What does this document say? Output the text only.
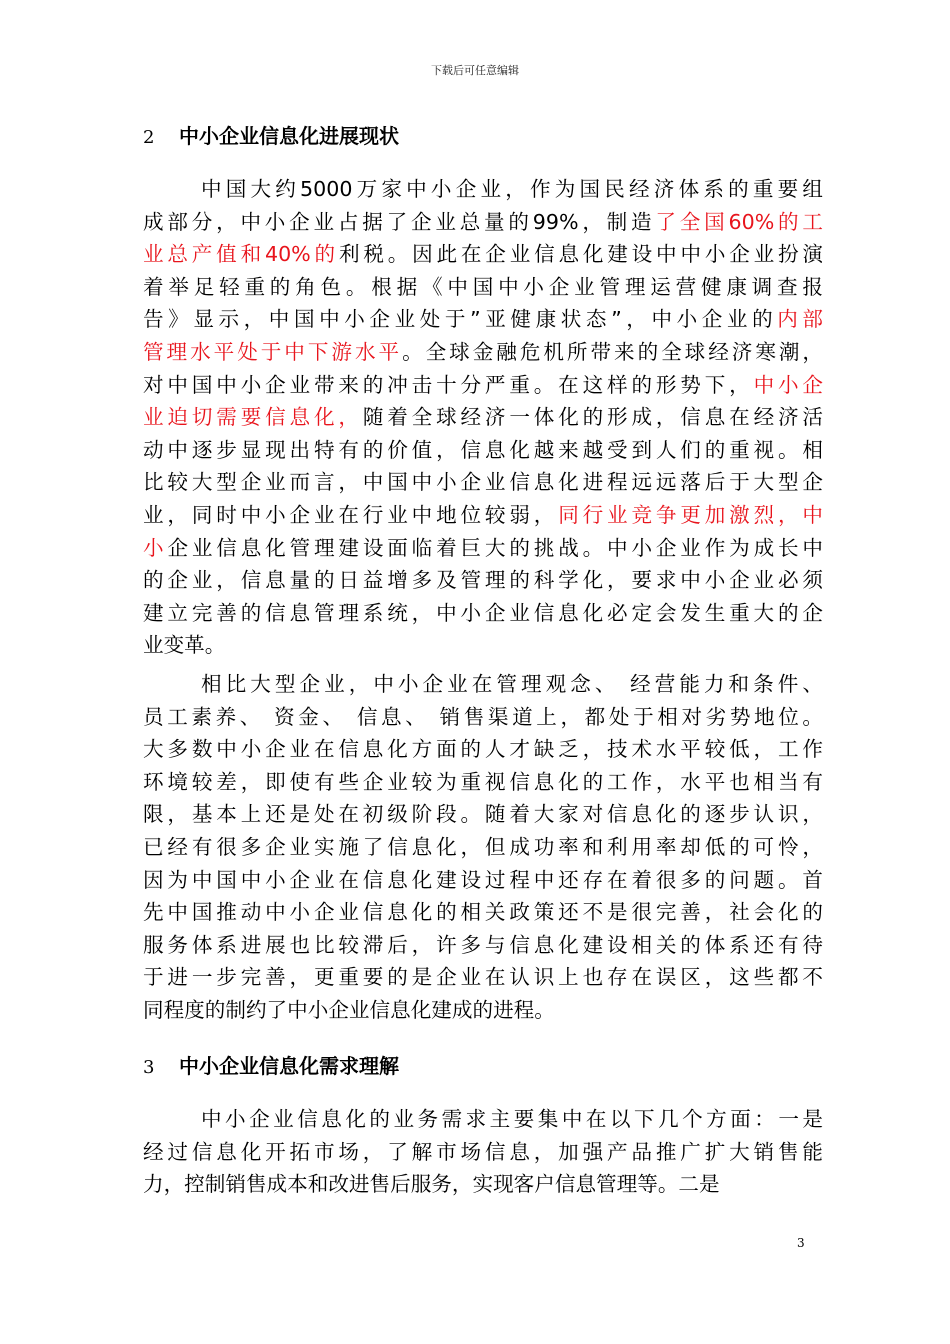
下载后可任意编辑
2 中小企业信息化进展现状
中国大约5000万家中小企业，作为国民经济体系的重要组
成部分，中小企业占据了企业总量的99%，制造了全国60%的工
业总产值和40%的利税。因此在企业信息化建设中中小企业扮演
着举足轻重的角色。根据《中国中小企业管理运营健康调查报
告》显示，中国中小企业处于”亚健康状态”，中小企业的内部
管理水平处于中下游水平。全球金融危机所带来的全球经济寒潮，
对中国中小企业带来的冲击十分严重。在这样的形势下，中小企
业迫切需要信息化，随着全球经济一体化的形成，信息在经济活
动中逐步显现出特有的价值，信息化越来越受到人们的重视。相
比较大型企业而言，中国中小企业信息化进程远远落后于大型企
业，同时中小企业在行业中地位较弱，同行业竞争更加激烈，中
小企业信息化管理建设面临着巨大的挑战。中小企业作为成长中
的企业，信息量的日益增多及管理的科学化，要求中小企业必须
建立完善的信息管理系统，中小企业信息化必定会发生重大的企
业变革。
相比大型企业，中小企业在管理观念、 经营能力和条件、
员工素养、 资金、 信息、 销售渠道上，都处于相对劣势地位。
大多数中小企业在信息化方面的人才缺乏，技术水平较低，工作
环境较差，即使有些企业较为重视信息化的工作，水平也相当有
限，基本上还是处在初级阶段。随着大家对信息化的逐步认识，
已经有很多企业实施了信息化，但成功率和利用率却低的可怜，
因为中国中小企业在信息化建设过程中还存在着很多的问题。首
先中国推动中小企业信息化的相关政策还不是很完善，社会化的
服务体系进展也比较滞后，许多与信息化建设相关的体系还有待
于进一步完善，更重要的是企业在认识上也存在误区，这些都不
同程度的制约了中小企业信息化建成的进程。
3 中小企业信息化需求理解
中小企业信息化的业务需求主要集中在以下几个方面：一是
经过信息化开拓市场，了解市场信息，加强产品推广扩大销售能
力，控制销售成本和改进售后服务，实现客户信息管理等。二是
3
